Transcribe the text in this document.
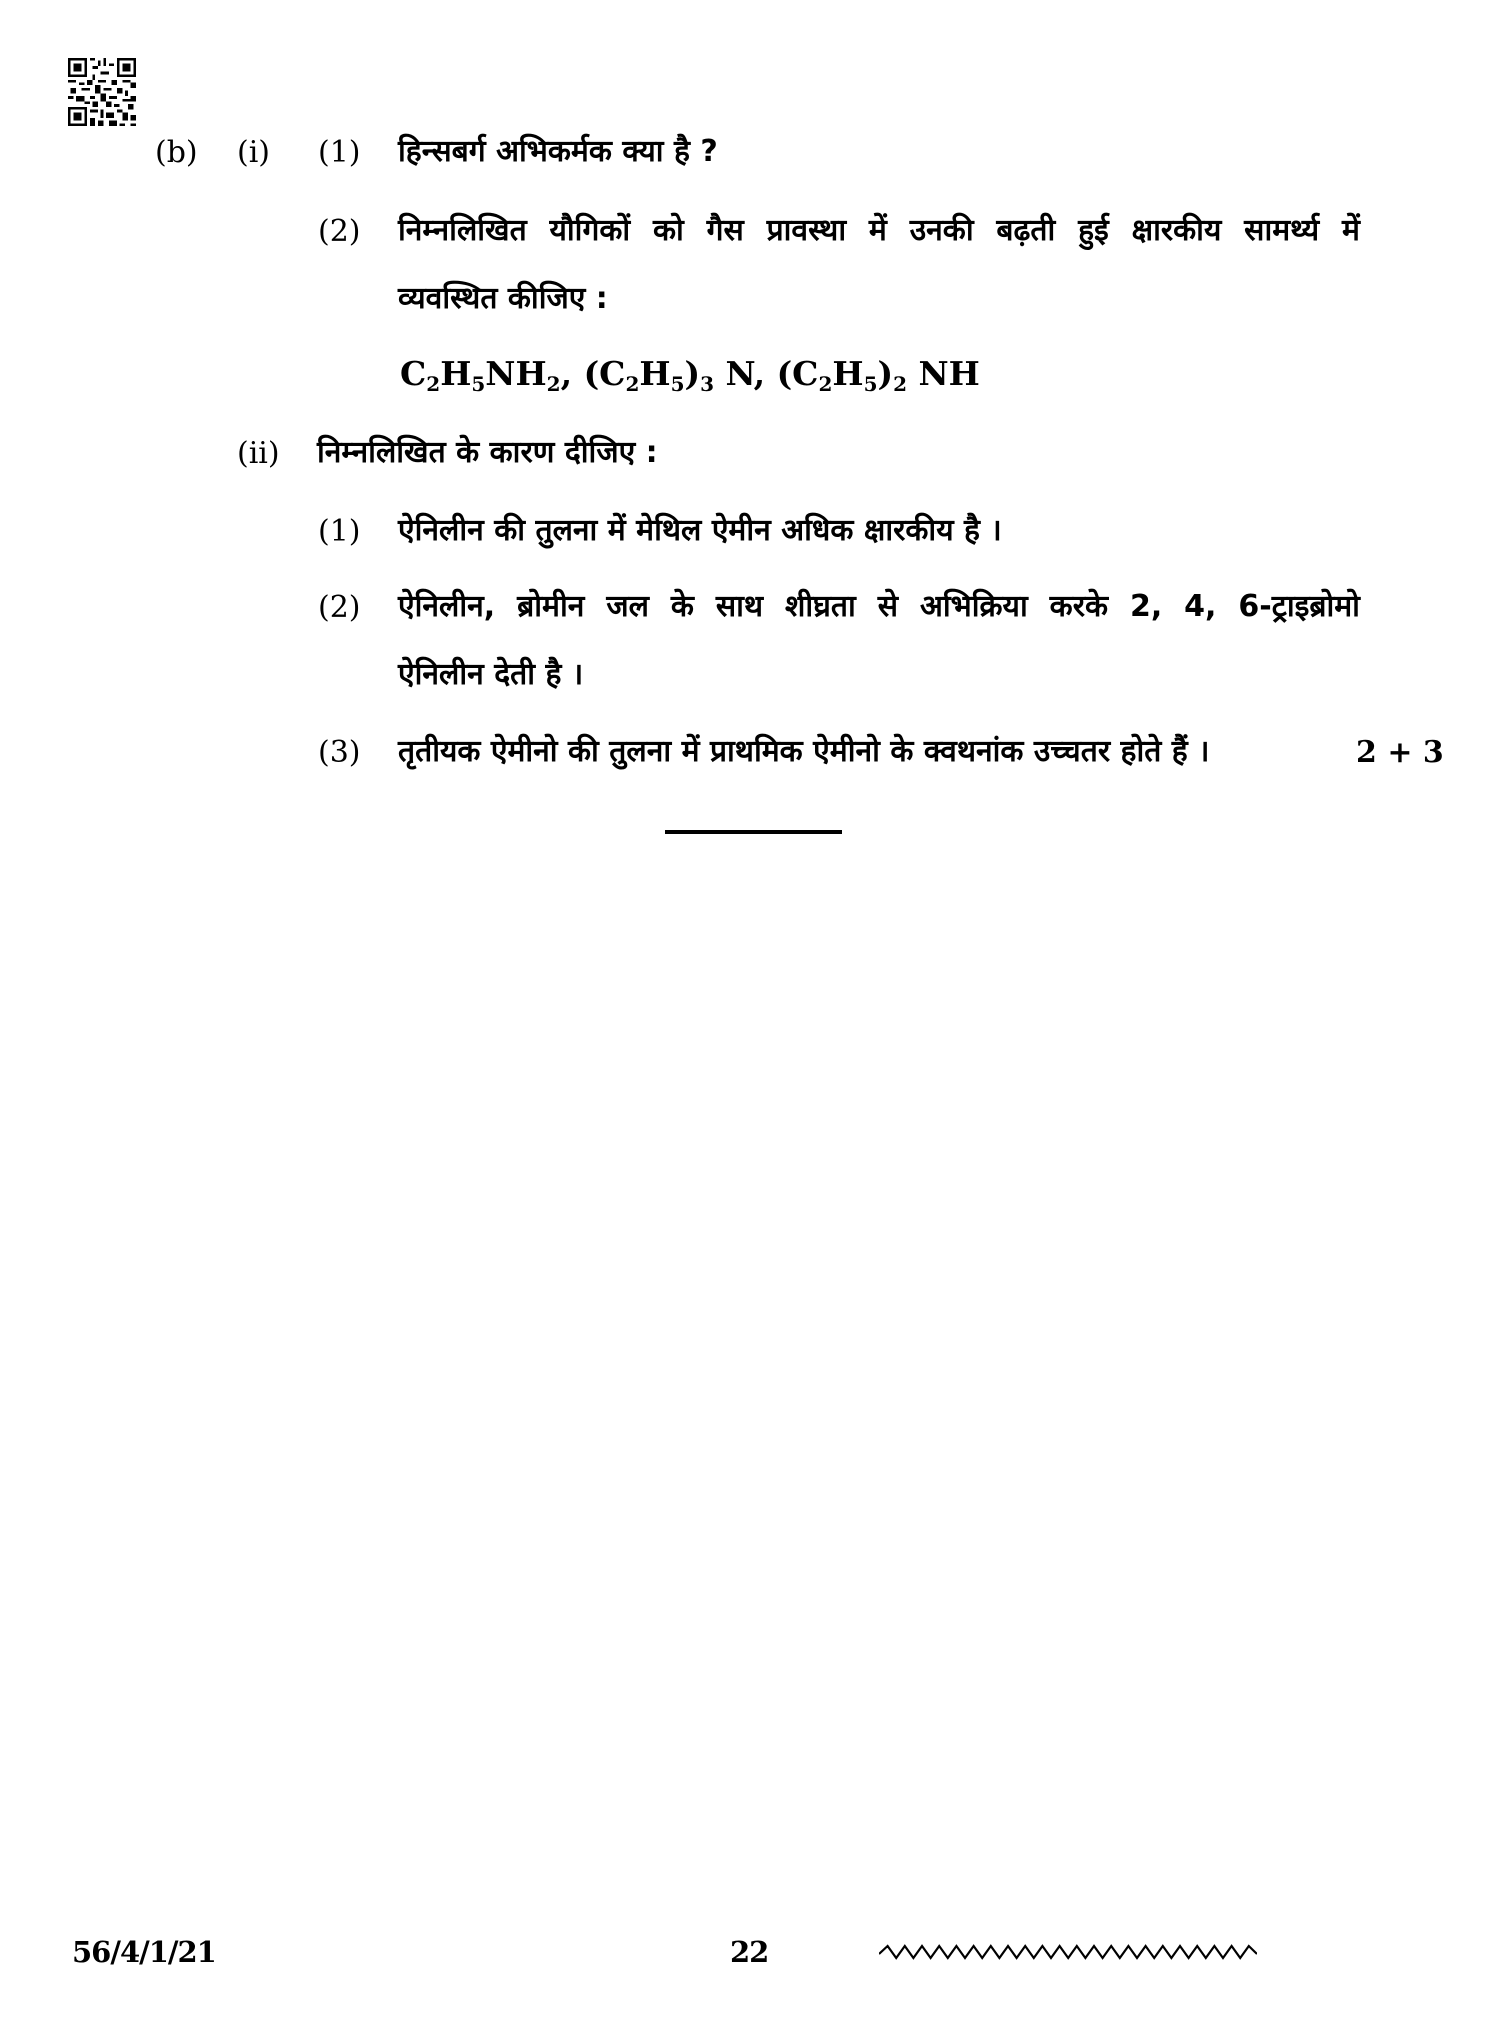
(b) (i) (1) हिन्सबर्ग अभिकर्मक क्या है ?
(2) निम्नलिखित यौगिकों को गैस प्रावस्था में उनकी बढ़ती हुई क्षारकीय सामर्थ्य में
व्यवस्थित कीजिए :
$C_2H_5NH_2$, $(C_2H_5)_3$ N, $(C_2H_5)_2$ NH
(ii) निम्नलिखित के कारण दीजिए :
(1) ऐनिलीन की तुलना में मेथिल ऐमीन अधिक क्षारकीय है ।
(2) ऐनिलीन, ब्रोमीन जल के साथ शीघ्रता से अभिक्रिया करके 2, 4, 6-ट्राइब्रोमो
ऐनिलीन देती है ।
(3) तृतीयक ऐमीनो की तुलना में प्राथमिक ऐमीनो के क्वथनांक उच्चतर होते हैं ।	2 + 3
56/4/1/21	22
